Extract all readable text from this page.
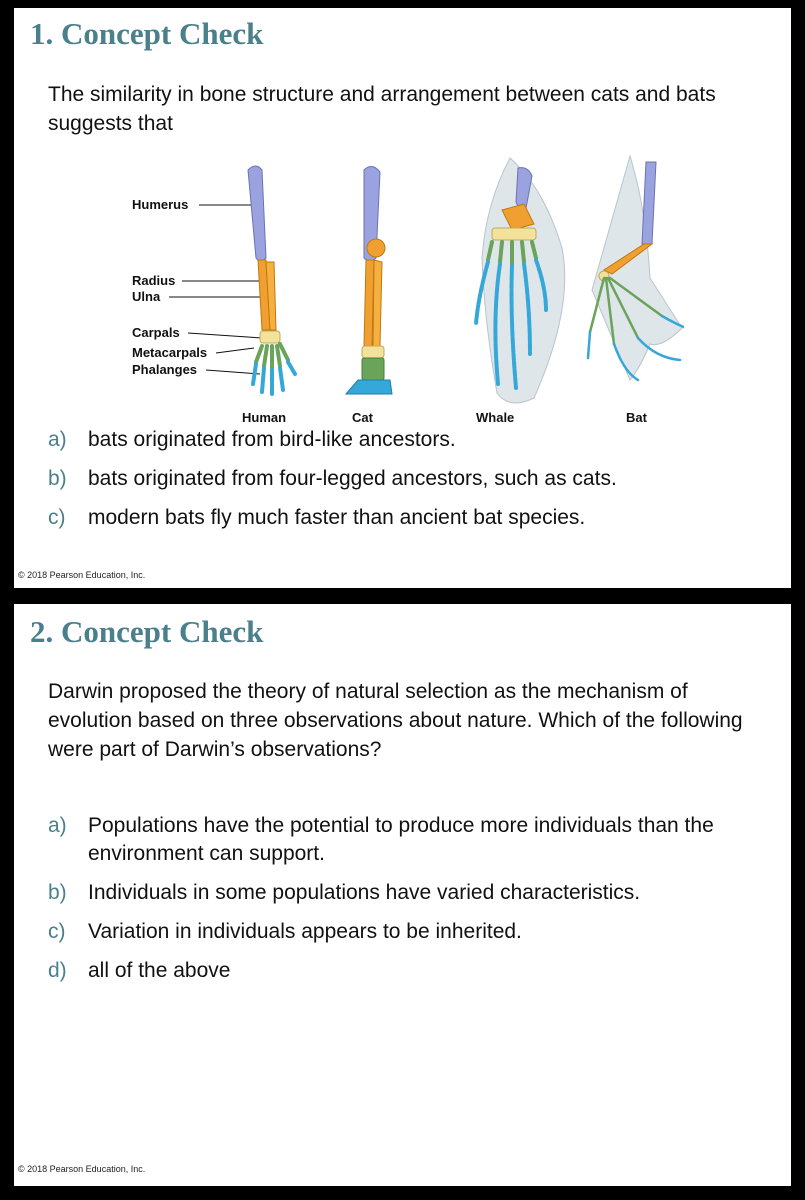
1. Concept Check

The similarity in bone structure and arrangement between cats and bats suggests that

Humerus
Radius
Ulna
Carpals
Metacarpals
Phalanges
Human	Cat	Whale	Bat
a) bats originated from bird-like ancestors.
b) bats originated from four-legged ancestors, such as cats.
c) modern bats fly much faster than ancient bat species.
© 2018 Pearson Education, Inc.
2. Concept Check

Darwin proposed the theory of natural selection as the mechanism of evolution based on three observations about nature. Which of the following were part of Darwin’s observations?

a) Populations have the potential to produce more individuals than the environment can support.
b) Individuals in some populations have varied characteristics.
c) Variation in individuals appears to be inherited.
d) all of the above
© 2018 Pearson Education, Inc.
